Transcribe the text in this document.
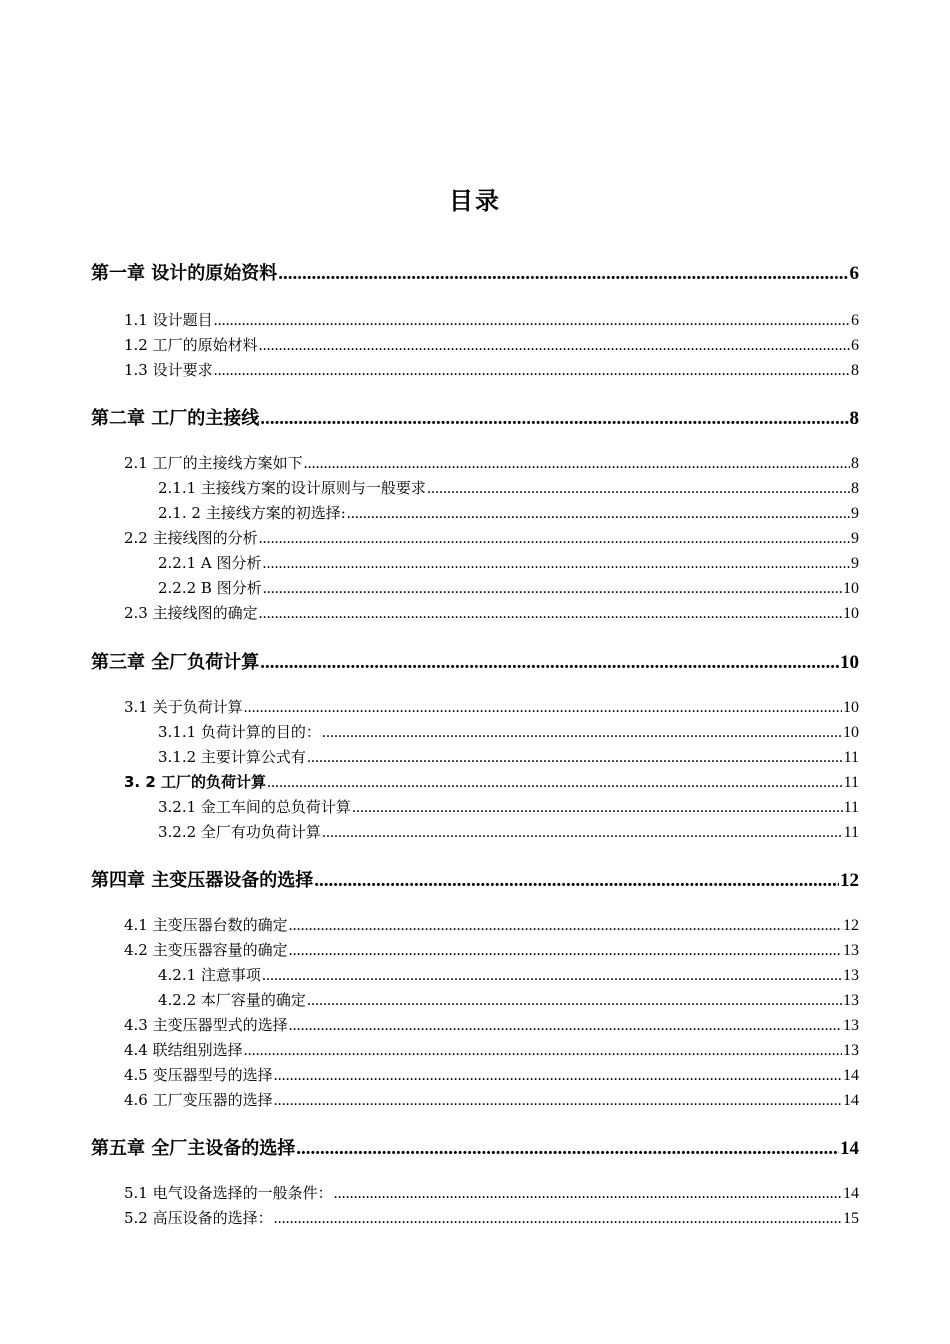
目录
第一章 设计的原始资料 .....	6
1.1 设计题目 .....	6
1.2 工厂的原始材料 .....	6
1.3 设计要求 .....	8
第二章 工厂的主接线 .....	8
2.1 工厂的主接线方案如下 .....	8
2.1.1 主接线方案的设计原则与一般要求 .....	8
2.1. 2 主接线方案的初选择: .....	9
2.2 主接线图的分析 .....	9
2.2.1 A 图分析 .....	9
2.2.2 B 图分析 .....	10
2.3 主接线图的确定 .....	10
第三章 全厂负荷计算 .....	10
3.1 关于负荷计算 .....	10
3.1.1 负荷计算的目的： .....	10
3.1.2 主要计算公式有 .....	11
3. 2 工厂的负荷计算 .....	11
3.2.1 金工车间的总负荷计算 .....	11
3.2.2 全厂有功负荷计算 .....	11
第四章 主变压器设备的选择 .....	12
4.1 主变压器台数的确定 .....	12
4.2 主变压器容量的确定 .....	13
4.2.1 注意事项 .....	13
4.2.2 本厂容量的确定 .....	13
4.3 主变压器型式的选择 .....	13
4.4 联结组别选择 .....	13
4.5 变压器型号的选择 .....	14
4.6 工厂变压器的选择 .....	14
第五章 全厂主设备的选择 .....	14
5.1 电气设备选择的一般条件： .....	14
5.2 高压设备的选择： .....	15
